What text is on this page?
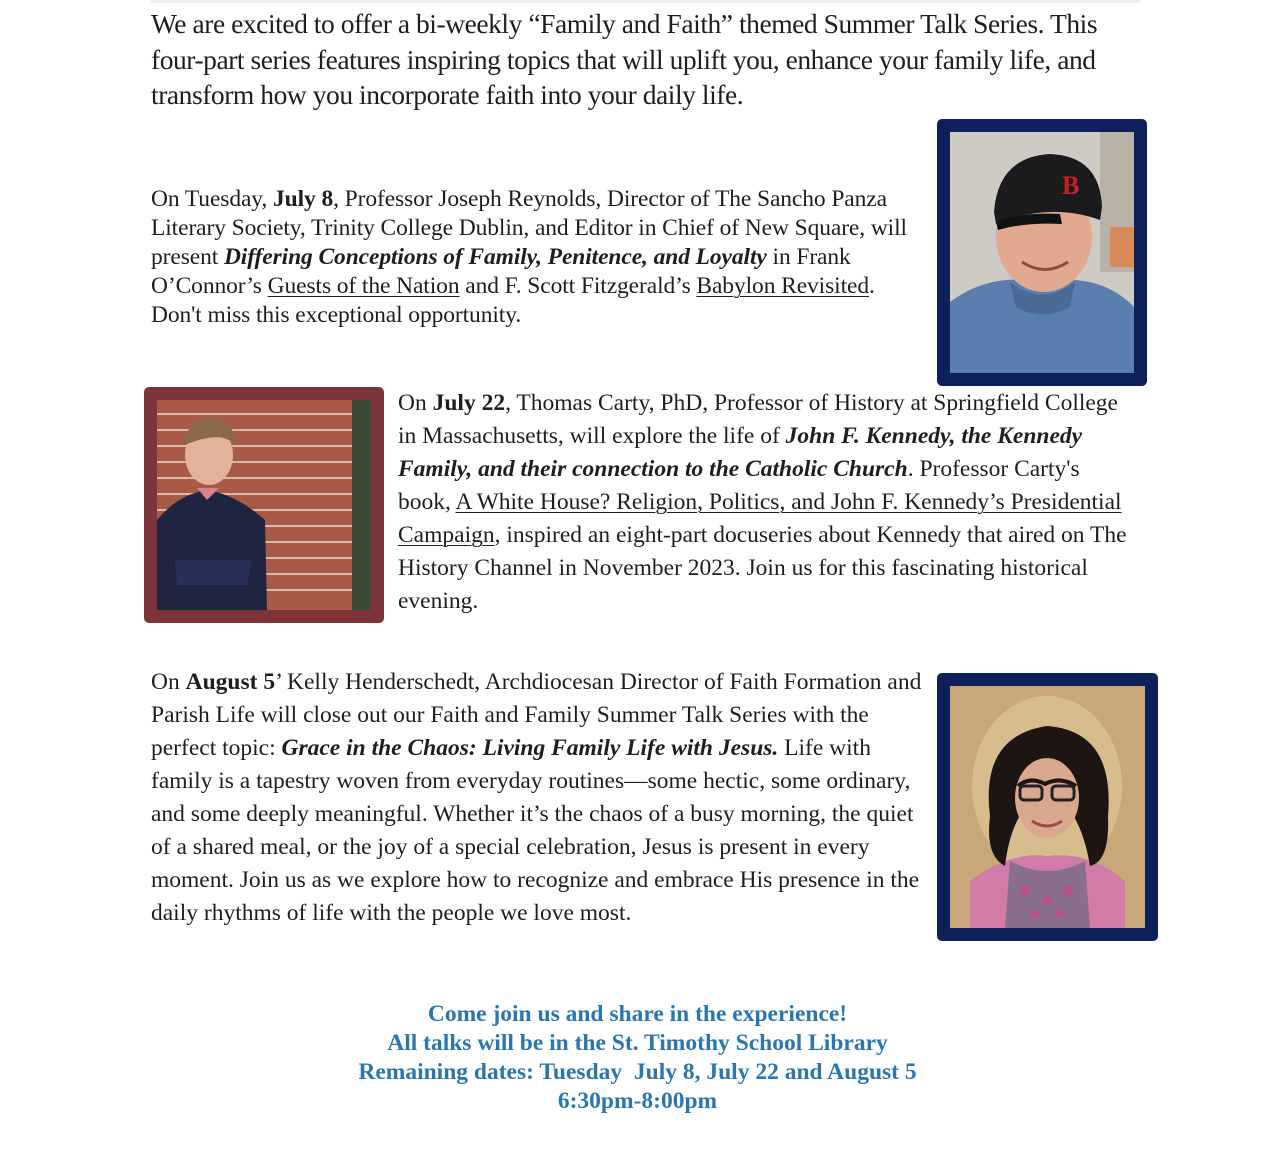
We are excited to offer a bi-weekly “Family and Faith” themed Summer Talk Series. This four-part series features inspiring topics that will uplift you, enhance your family life, and transform how you incorporate faith into your daily life.

On Tuesday, July 8, Professor Joseph Reynolds, Director of The Sancho Panza Literary Society, Trinity College Dublin, and Editor in Chief of New Square, will present Differing Conceptions of Family, Penitence, and Loyalty in Frank O’Connor’s Guests of the Nation and F. Scott Fitzgerald’s Babylon Revisited. Don't miss this exceptional opportunity.

B

On July 22, Thomas Carty, PhD, Professor of History at Springfield College in Massachusetts, will explore the life of John F. Kennedy, the Kennedy Family, and their connection to the Catholic Church. Professor Carty's book, A White House? Religion, Politics, and John F. Kennedy’s Presidential Campaign, inspired an eight-part docuseries about Kennedy that aired on The History Channel in November 2023. Join us for this fascinating historical evening.

On August 5’ Kelly Henderschedt, Archdiocesan Director of Faith Formation and Parish Life will close out our Faith and Family Summer Talk Series with the perfect topic: Grace in the Chaos: Living Family Life with Jesus. Life with family is a tapestry woven from everyday routines—some hectic, some ordinary, and some deeply meaningful. Whether it’s the chaos of a busy morning, the quiet of a shared meal, or the joy of a special celebration, Jesus is present in every moment. Join us as we explore how to recognize and embrace His presence in the daily rhythms of life with the people we love most.

Come join us and share in the experience!
All talks will be in the St. Timothy School Library
Remaining dates: Tuesday  July 8, July 22 and August 5
6:30pm-8:00pm
